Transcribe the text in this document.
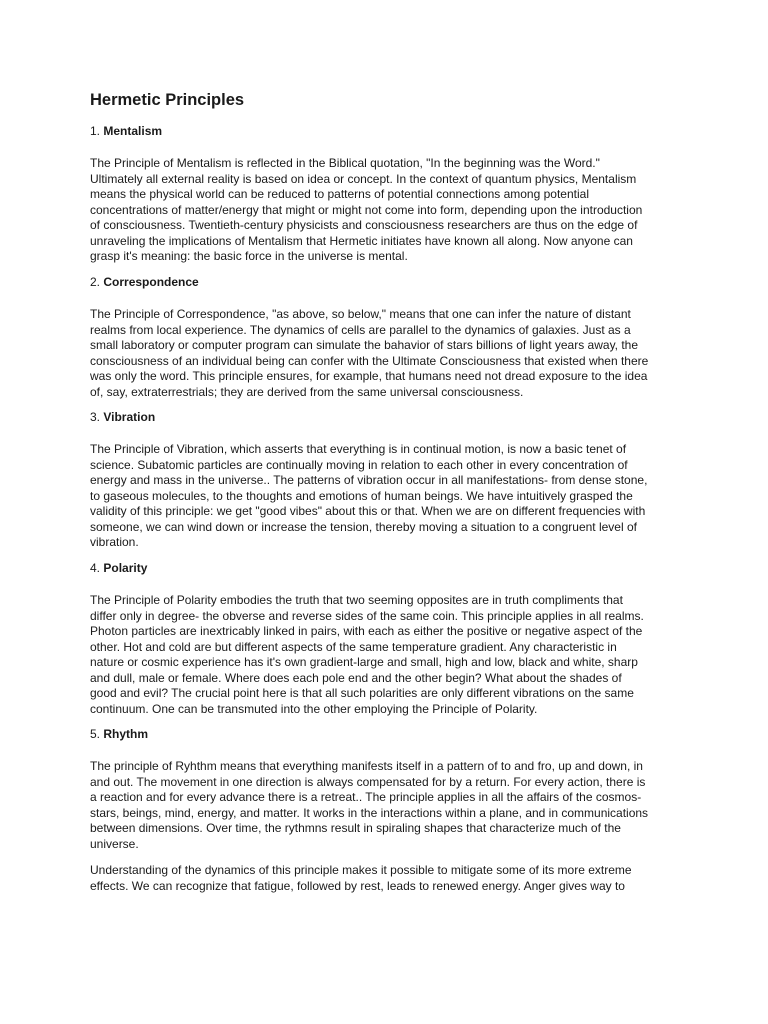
Hermetic Principles
1. Mentalism

The Principle of Mentalism is reflected in the Biblical quotation, "In the beginning was the Word."
Ultimately all external reality is based on idea or concept. In the context of quantum physics, Mentalism
means the physical world can be reduced to patterns of potential connections among potential
concentrations of matter/energy that might or might not come into form, depending upon the introduction
of consciousness. Twentieth-century physicists and consciousness researchers are thus on the edge of
unraveling the implications of Mentalism that Hermetic initiates have known all along. Now anyone can
grasp it's meaning: the basic force in the universe is mental.

2. Correspondence

The Principle of Correspondence, "as above, so below," means that one can infer the nature of distant
realms from local experience. The dynamics of cells are parallel to the dynamics of galaxies. Just as a
small laboratory or computer program can simulate the bahavior of stars billions of light years away, the
consciousness of an individual being can confer with the Ultimate Consciousness that existed when there
was only the word. This principle ensures, for example, that humans need not dread exposure to the idea
of, say, extraterrestrials; they are derived from the same universal consciousness.

3. Vibration

The Principle of Vibration, which asserts that everything is in continual motion, is now a basic tenet of
science. Subatomic particles are continually moving in relation to each other in every concentration of
energy and mass in the universe.. The patterns of vibration occur in all manifestations- from dense stone,
to gaseous molecules, to the thoughts and emotions of human beings. We have intuitively grasped the
validity of this principle: we get "good vibes" about this or that. When we are on different frequencies with
someone, we can wind down or increase the tension, thereby moving a situation to a congruent level of
vibration.

4. Polarity

The Principle of Polarity embodies the truth that two seeming opposites are in truth compliments that
differ only in degree- the obverse and reverse sides of the same coin. This principle applies in all realms.
Photon particles are inextricably linked in pairs, with each as either the positive or negative aspect of the
other. Hot and cold are but different aspects of the same temperature gradient. Any characteristic in
nature or cosmic experience has it's own gradient-large and small, high and low, black and white, sharp
and dull, male or female. Where does each pole end and the other begin? What about the shades of
good and evil? The crucial point here is that all such polarities are only different vibrations on the same
continuum. One can be transmuted into the other employing the Principle of Polarity.

5. Rhythm

The principle of Ryhthm means that everything manifests itself in a pattern of to and fro, up and down, in
and out. The movement in one direction is always compensated for by a return. For every action, there is
a reaction and for every advance there is a retreat.. The principle applies in all the affairs of the cosmos-
stars, beings, mind, energy, and matter. It works in the interactions within a plane, and in communications
between dimensions. Over time, the rythmns result in spiraling shapes that characterize much of the
universe.

Understanding of the dynamics of this principle makes it possible to mitigate some of its more extreme
effects. We can recognize that fatigue, followed by rest, leads to renewed energy. Anger gives way to
